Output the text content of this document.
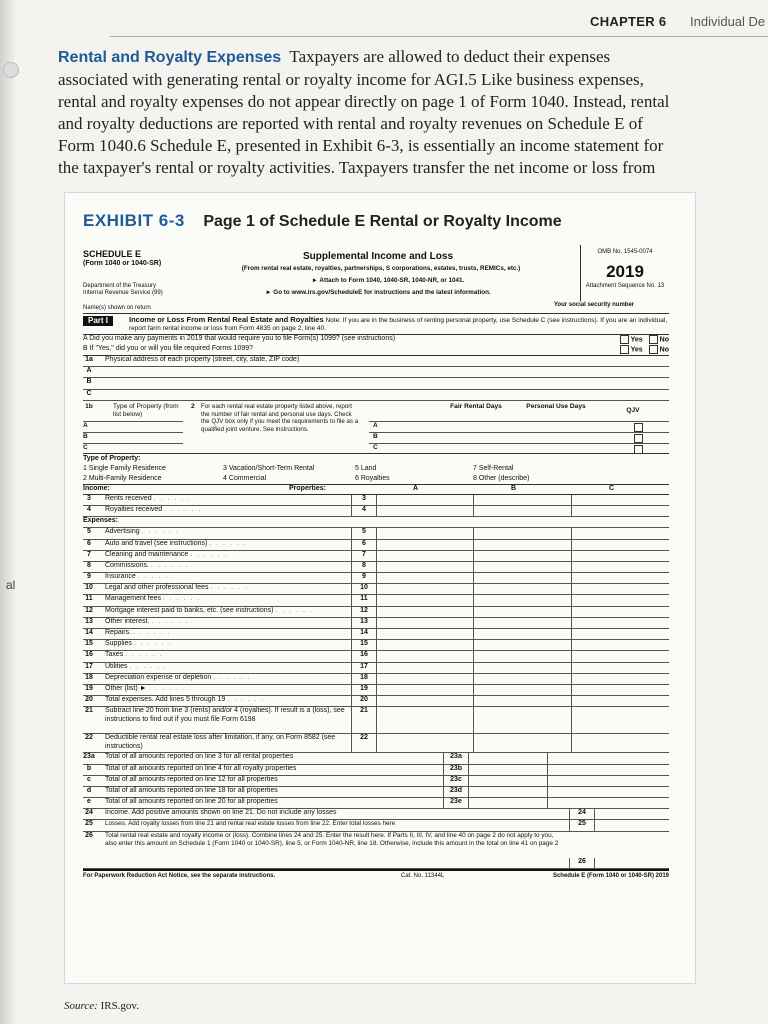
al
CHAPTER 6 Individual De
Rental and Royalty Expenses Taxpayers are allowed to deduct their expenses associated with generating rental or royalty income for AGI.5 Like business expenses, rental and royalty expenses do not appear directly on page 1 of Form 1040. Instead, rental and royalty deductions are reported with rental and royalty revenues on Schedule E of Form 1040.6 Schedule E, presented in Exhibit 6-3, is essentially an income statement for the taxpayer's rental or royalty activities. Taxpayers transfer the net income or loss from
EXHIBIT 6-3 Page 1 of Schedule E Rental or Royalty Income
SCHEDULE E
(Form 1040 or 1040-SR)
Department of the Treasury
Internal Revenue Service (99)
Name(s) shown on return
Supplemental Income and Loss
(From rental real estate, royalties, partnerships, S corporations, estates, trusts, REMICs, etc.)
► Attach to Form 1040, 1040-SR, 1040-NR, or 1041.
► Go to www.irs.gov/ScheduleE for instructions and the latest information.
OMB No. 1545-0074
2019
Attachment Sequence No. 13
Your social security number
Part I	Income or Loss From Rental Real Estate and Royalties Note: If you are in the business of renting personal property, use Schedule C (see instructions). If you are an individual, report farm rental income or loss from Form 4835 on page 2, line 40.
A Did you make any payments in 2019 that would require you to file Form(s) 1099? (see instructions)	Yes No
B If "Yes," did you or will you file required Forms 1099?	Yes No
1a	Physical address of each property (street, city, state, ZIP code)
A
B
C
1b	Type of Property (from list below)
2 For each rental real estate property listed above, report the number of fair rental and personal use days. Check the QJV box only if you meet the requirements to file as a qualified joint venture. See instructions.
Fair Rental Days	Personal Use Days
QJV
A
B
C
A
B
C
Type of Property:
1 Single Family Residence
2 Multi-Family Residence
3 Vacation/Short-Term Rental
4 Commercial
5 Land
6 Royalties
7 Self-Rental
8 Other (describe)
Income:	Properties:	A	B	C
3	Rents received . . . . . .	3
4	Royalties received . . . . . .	4
Expenses:
5	Advertising . . . . . .	5
6	Auto and travel (see instructions) . . . . . .	6
7	Cleaning and maintenance . . . . . .	7
8	Commissions. . . . . . .	8
9	Insurance . . . . . .	9
10	Legal and other professional fees . . . . . .	10
11	Management fees . . . . . .	11
12	Mortgage interest paid to banks, etc. (see instructions) . . . . . .	12
13	Other interest. . . . . . .	13
14	Repairs. . . . . . .	14
15	Supplies . . . . . .	15
16	Taxes . . . . . .	16
17	Utilities . . . . . .	17
18	Depreciation expense or depletion . . . . . .	18
19	Other (list) ► . . . . . .	19
20	Total expenses. Add lines 5 through 19 . . . . . .	20
21	Subtract line 20 from line 3 (rents) and/or 4 (royalties). If result is a (loss), see instructions to find out if you must file Form 6198
21
22	Deductible rental real estate loss after limitation, if any, on Form 8582 (see instructions)
22
23a Total of all amounts reported on line 3 for all rental properties	23a
b	Total of all amounts reported on line 4 for all royalty properties	23b
c	Total of all amounts reported on line 12 for all properties	23c
d	Total of all amounts reported on line 18 for all properties	23d
e	Total of all amounts reported on line 20 for all properties	23e
24	Income. Add positive amounts shown on line 21. Do not include any losses	24
25	Losses. Add royalty losses from line 21 and rental real estate losses from line 22. Enter total losses here	25
26	Total rental real estate and royalty income or (loss). Combine lines 24 and 25. Enter the result here. If Parts II, III, IV, and line 40 on page 2 do not apply to you, also enter this amount on Schedule 1 (Form 1040 or 1040-SR), line 5, or Form 1040-NR, line 18. Otherwise, include this amount in the total on line 41 on page 2
26
For Paperwork Reduction Act Notice, see the separate instructions.	Cat. No. 11344L	Schedule E (Form 1040 or 1040-SR) 2019
Source: IRS.gov.
